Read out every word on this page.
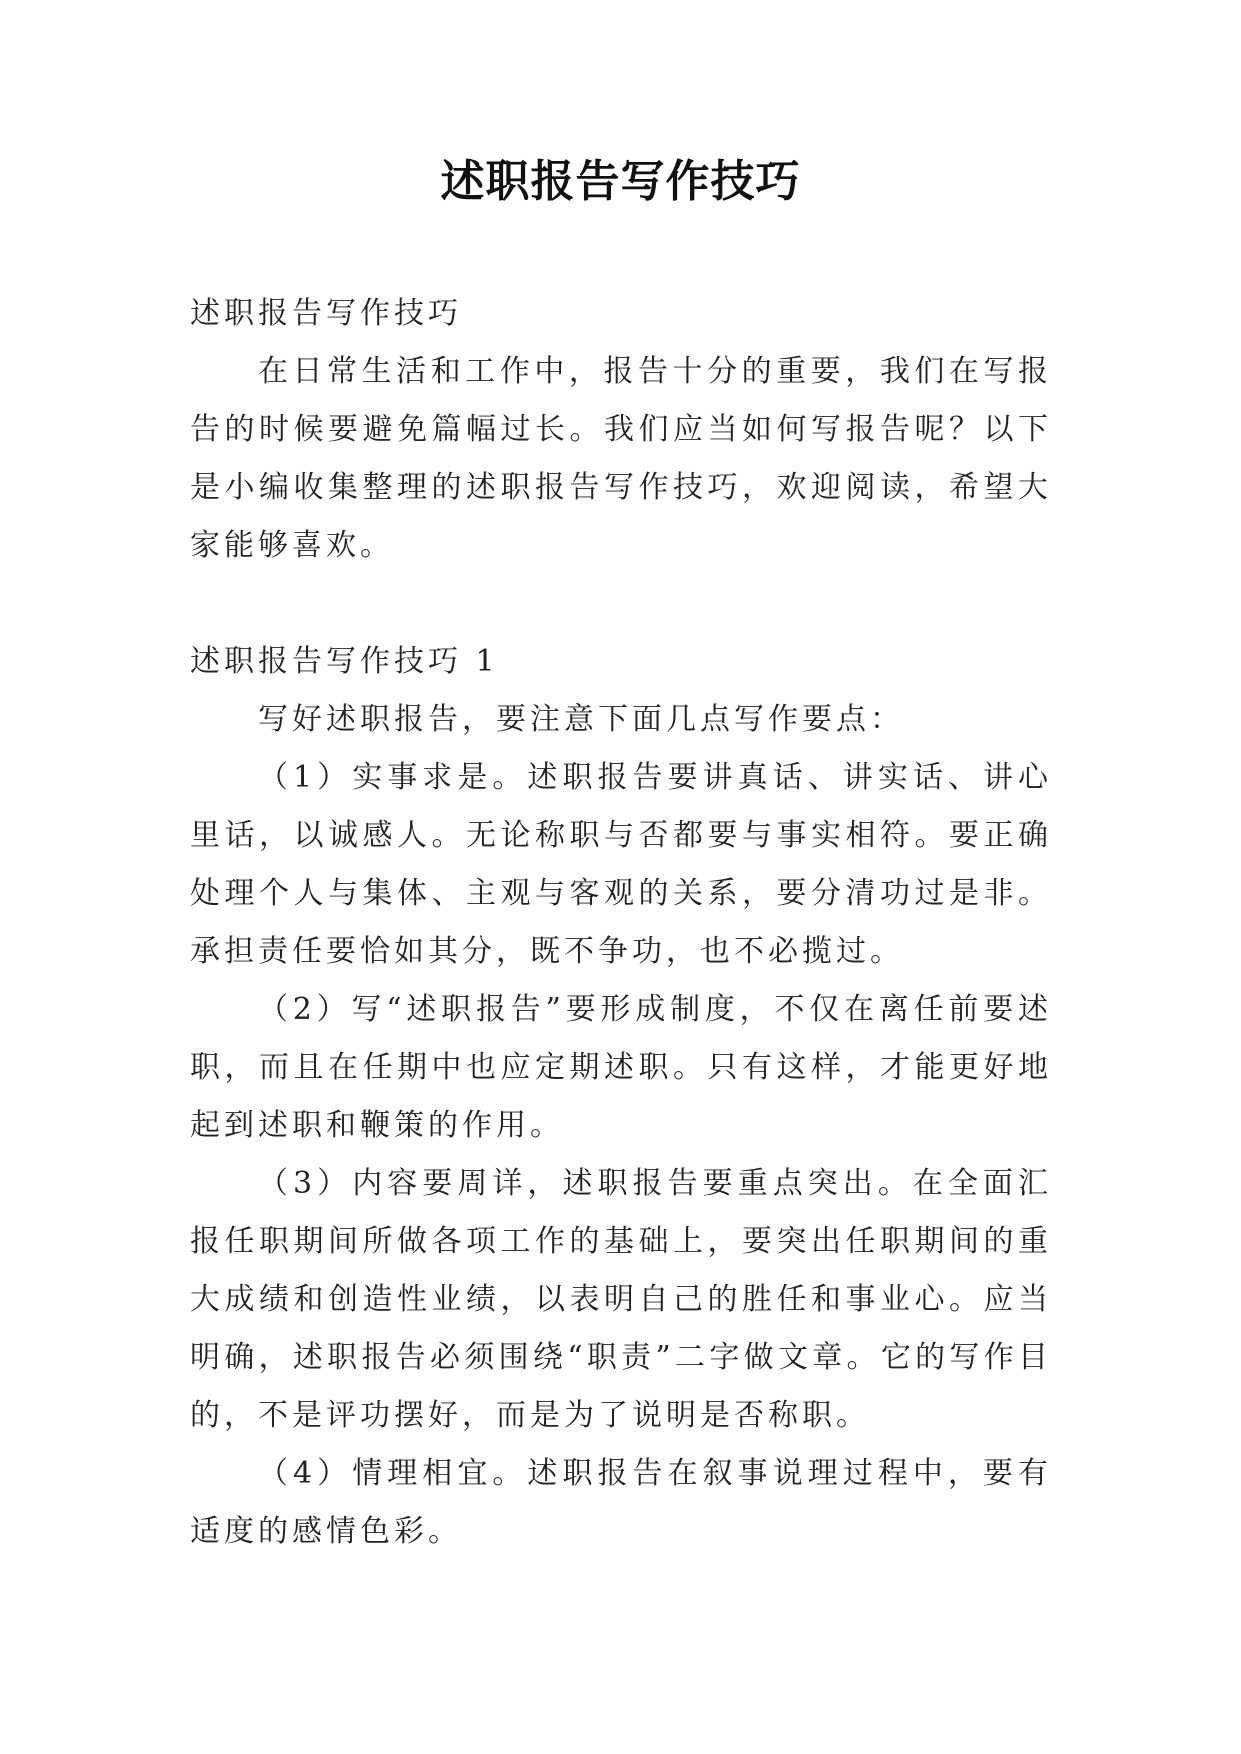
述职报告写作技巧

述职报告写作技巧

在日常生活和工作中，报告十分的重要，我们在写报告的时候要避免篇幅过长。我们应当如何写报告呢？以下是小编收集整理的述职报告写作技巧，欢迎阅读，希望大家能够喜欢。

述职报告写作技巧 1

写好述职报告，要注意下面几点写作要点：

（1）实事求是。述职报告要讲真话、讲实话、讲心里话，以诚感人。无论称职与否都要与事实相符。要正确处理个人与集体、主观与客观的关系，要分清功过是非。承担责任要恰如其分，既不争功，也不必揽过。

（2）写“述职报告”要形成制度，不仅在离任前要述职，而且在任期中也应定期述职。只有这样，才能更好地起到述职和鞭策的作用。

（3）内容要周详，述职报告要重点突出。在全面汇报任职期间所做各项工作的基础上，要突出任职期间的重大成绩和创造性业绩，以表明自己的胜任和事业心。应当明确，述职报告必须围绕“职责”二字做文章。它的写作目的，不是评功摆好，而是为了说明是否称职。

（4）情理相宜。述职报告在叙事说理过程中，要有适度的感情色彩。
